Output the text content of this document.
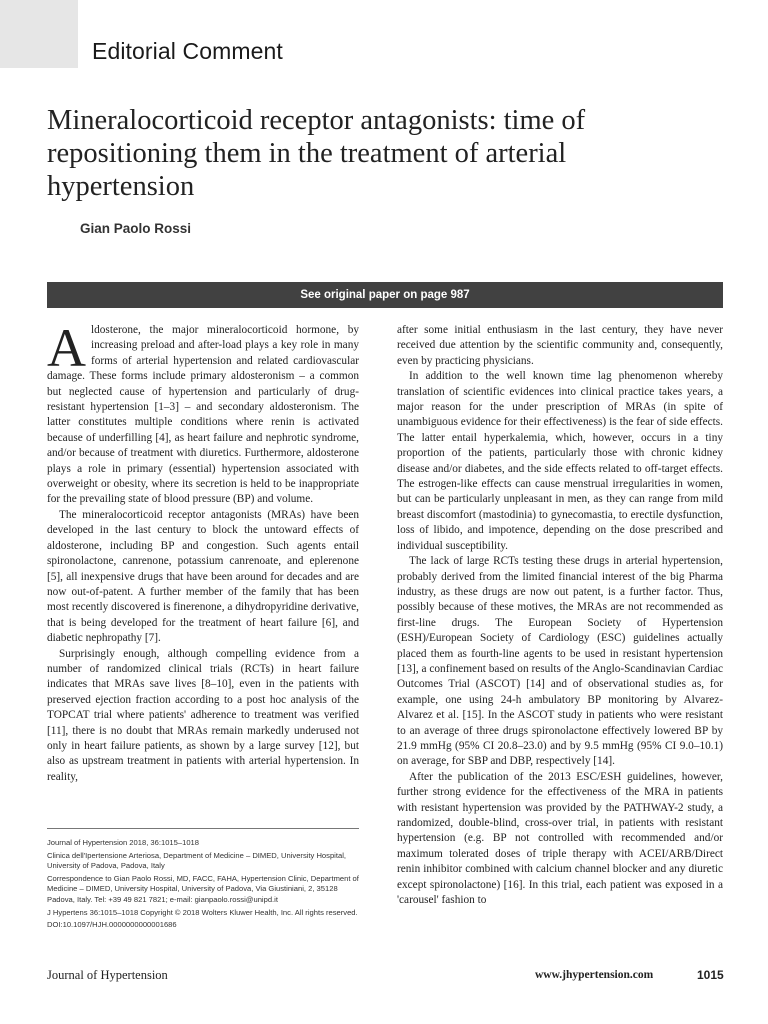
Editorial Comment
Mineralocorticoid receptor antagonists: time of repositioning them in the treatment of arterial hypertension
Gian Paolo Rossi
See original paper on page 987

Aldosterone, the major mineralocorticoid hormone, by increasing preload and after-load plays a key role in many forms of arterial hypertension and related cardiovascular damage. These forms include primary aldosteronism – a common but neglected cause of hypertension and particularly of drug-resistant hypertension [1–3] – and secondary aldosteronism. The latter constitutes multiple conditions where renin is activated because of underfilling [4], as heart failure and nephrotic syndrome, and/or because of treatment with diuretics. Furthermore, aldosterone plays a role in primary (essential) hypertension associated with overweight or obesity, where its secretion is held to be inappropriate for the prevailing state of blood pressure (BP) and volume.

The mineralocorticoid receptor antagonists (MRAs) have been developed in the last century to block the untoward effects of aldosterone, including BP and congestion. Such agents entail spironolactone, canrenone, potassium canrenoate, and eplerenone [5], all inexpensive drugs that have been around for decades and are now out-of-patent. A further member of the family that has been most recently discovered is finerenone, a dihydropyridine derivative, that is being developed for the treatment of heart failure [6], and diabetic nephropathy [7].

Surprisingly enough, although compelling evidence from a number of randomized clinical trials (RCTs) in heart failure indicates that MRAs save lives [8–10], even in the patients with preserved ejection fraction according to a post hoc analysis of the TOPCAT trial where patients' adherence to treatment was verified [11], there is no doubt that MRAs remain markedly underused not only in heart failure patients, as shown by a large survey [12], but also as upstream treatment in patients with arterial hypertension. In reality,

after some initial enthusiasm in the last century, they have never received due attention by the scientific community and, consequently, even by practicing physicians.

In addition to the well known time lag phenomenon whereby translation of scientific evidences into clinical practice takes years, a major reason for the under prescription of MRAs (in spite of unambiguous evidence for their effectiveness) is the fear of side effects. The latter entail hyperkalemia, which, however, occurs in a tiny proportion of the patients, particularly those with chronic kidney disease and/or diabetes, and the side effects related to off-target effects. The estrogen-like effects can cause menstrual irregularities in women, but can be particularly unpleasant in men, as they can range from mild breast discomfort (mastodinia) to gynecomastia, to erectile dysfunction, loss of libido, and impotence, depending on the dose prescribed and individual susceptibility.

The lack of large RCTs testing these drugs in arterial hypertension, probably derived from the limited financial interest of the big Pharma industry, as these drugs are now out patent, is a further factor. Thus, possibly because of these motives, the MRAs are not recommended as first-line drugs. The European Society of Hypertension (ESH)/European Society of Cardiology (ESC) guidelines actually placed them as fourth-line agents to be used in resistant hypertension [13], a confinement based on results of the Anglo-Scandinavian Cardiac Outcomes Trial (ASCOT) [14] and of observational studies as, for example, one using 24-h ambulatory BP monitoring by Alvarez-Alvarez et al. [15]. In the ASCOT study in patients who were resistant to an average of three drugs spironolactone effectively lowered BP by 21.9 mmHg (95% CI 20.8–23.0) and by 9.5 mmHg (95% CI 9.0–10.1) on average, for SBP and DBP, respectively [14].

After the publication of the 2013 ESC/ESH guidelines, however, further strong evidence for the effectiveness of the MRA in patients with resistant hypertension was provided by the PATHWAY-2 study, a randomized, double-blind, cross-over trial, in patients with resistant hypertension (e.g. BP not controlled with recommended and/or maximum tolerated doses of triple therapy with ACEI/ARB/Direct renin inhibitor combined with calcium channel blocker and any diuretic except spironolactone) [16]. In this trial, each patient was exposed in a 'carousel' fashion to

Journal of Hypertension 2018, 36:1015–1018
Clinica dell'Ipertensione Arteriosa, Department of Medicine – DIMED, University Hospital, University of Padova, Padova, Italy
Correspondence to Gian Paolo Rossi, MD, FACC, FAHA, Hypertension Clinic, Department of Medicine – DIMED, University Hospital, University of Padova, Via Giustiniani, 2, 35128 Padova, Italy. Tel: +39 49 821 7821; e-mail: gianpaolo.rossi@unipd.it
J Hypertens 36:1015–1018 Copyright © 2018 Wolters Kluwer Health, Inc. All rights reserved.
DOI:10.1097/HJH.0000000000001686
Journal of Hypertension	www.jhypertension.com	1015
